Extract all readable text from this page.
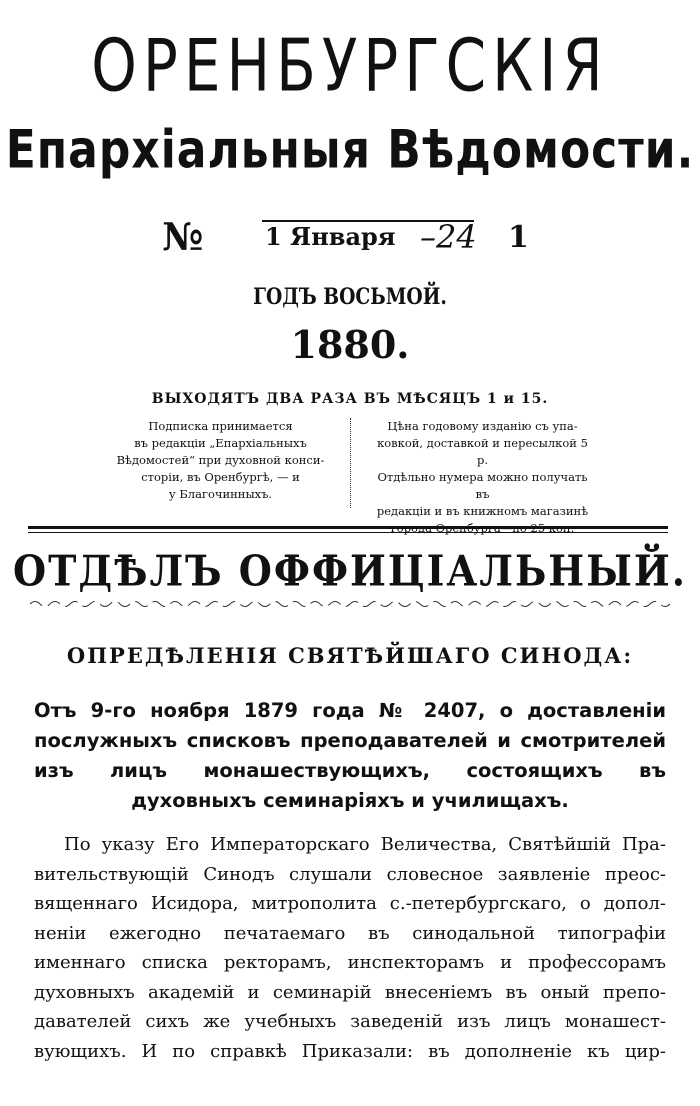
ОРЕНБУРГСКIЯ
Епархiальныя Вѣдомости.
№	1 Января –24 1
ГОДЪ ВОСЬМОЙ.
1880.
ВЫХОДЯТЪ ДВА РАЗА ВЪ МѢСЯЦЪ 1 и 15.
Подписка принимается
въ редакцiи „Епархiальныхъ
Вѣдомостей“ при духовной конси-
сторiи, въ Оренбургѣ, — и
у Благочинныхъ.
Цѣна годовому изданiю съ упа-
ковкой, доставкой и пересылкой 5 р.
Отдѣльно нумера можно получать въ
редакцiи и въ книжномъ магазинѣ
города Оренбурга—по 25 коп.
ОТДѢЛЪ ОФФИЦIАЛЬНЫЙ.
ОПРЕДѢЛЕНIЯ СВЯТѢЙШАГО СИНОДА:
Отъ 9-го ноября 1879 года № 2407, о доставленiи послужныхъ списковъ преподавателей и смотрителей изъ лицъ монашествующихъ, состоящихъ въ духовныхъ семинарiяхъ и училищахъ.
По указу Его Императорскаго Величества, Святѣйшiй Пра-
вительствующiй Синодъ слушали словесное заявленiе преос-
вященнаго Исидора, митрополита с.-петербургскаго, о допол-
ненiи ежегодно печатаемаго въ синодальной типографiи
именнаго списка ректорамъ, инспекторамъ и профессорамъ
духовныхъ академiй и семинарiй внесенiемъ въ оный препо-
давателей сихъ же учебныхъ заведенiй изъ лицъ монашест-
вующихъ. И по справкѣ Приказали: въ дополненiе къ цир-
